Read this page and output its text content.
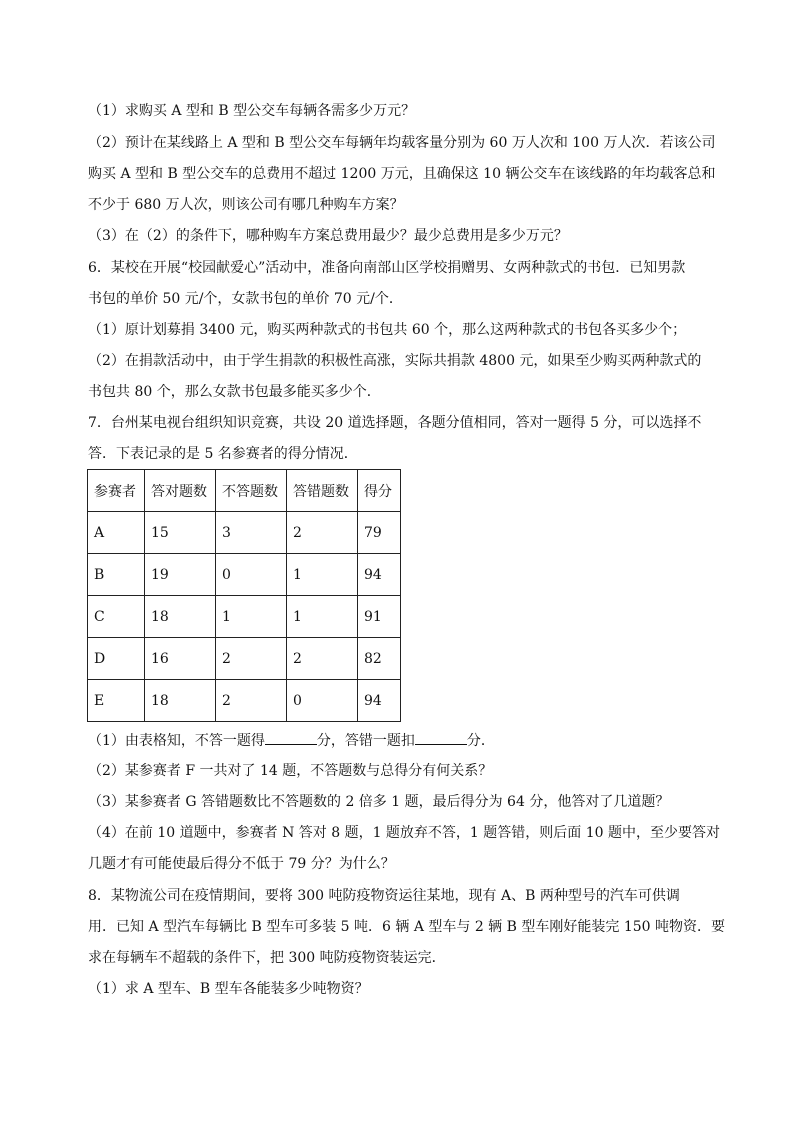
（1）求购买 A 型和 B 型公交车每辆各需多少万元？
（2）预计在某线路上 A 型和 B 型公交车每辆年均载客量分别为 60 万人次和 100 万人次．若该公司
购买 A 型和 B 型公交车的总费用不超过 1200 万元，且确保这 10 辆公交车在该线路的年均载客总和
不少于 680 万人次，则该公司有哪几种购车方案？
（3）在（2）的条件下，哪种购车方案总费用最少？最少总费用是多少万元？
6．某校在开展“校园献爱心”活动中，准备向南部山区学校捐赠男、女两种款式的书包．已知男款
书包的单价 50 元/个，女款书包的单价 70 元/个．
（1）原计划募捐 3400 元，购买两种款式的书包共 60 个，那么这两种款式的书包各买多少个；
（2）在捐款活动中，由于学生捐款的积极性高涨，实际共捐款 4800 元，如果至少购买两种款式的
书包共 80 个，那么女款书包最多能买多少个．
7．台州某电视台组织知识竞赛，共设 20 道选择题，各题分值相同，答对一题得 5 分，可以选择不
答．下表记录的是 5 名参赛者的得分情况．
参赛者	答对题数	不答题数	答错题数	得分
A	15	3	2	79
B	19	0	1	94
C	18	1	1	91
D	16	2	2	82
E	18	2	0	94
（1）由表格知，不答一题得	分，答错一题扣	分．
（2）某参赛者 F 一共对了 14 题，不答题数与总得分有何关系？
（3）某参赛者 G 答错题数比不答题数的 2 倍多 1 题，最后得分为 64 分，他答对了几道题？
（4）在前 10 道题中，参赛者 N 答对 8 题，1 题放弃不答，1 题答错，则后面 10 题中，至少要答对
几题才有可能使最后得分不低于 79 分？为什么？
8．某物流公司在疫情期间，要将 300 吨防疫物资运往某地，现有 A、B 两种型号的汽车可供调
用．已知 A 型汽车每辆比 B 型车可多装 5 吨．6 辆 A 型车与 2 辆 B 型车刚好能装完 150 吨物资．要
求在每辆车不超载的条件下，把 300 吨防疫物资装运完．
（1）求 A 型车、B 型车各能装多少吨物资？
